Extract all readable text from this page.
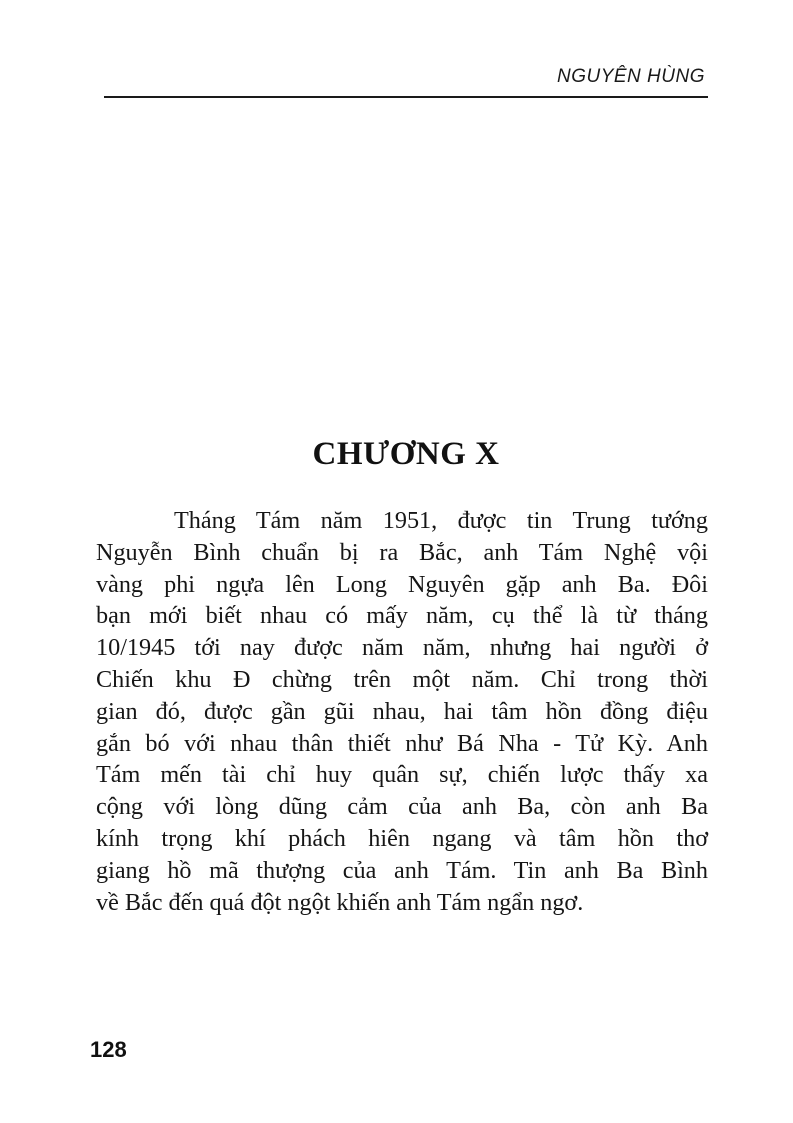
NGUYÊN HÙNG
CHƯƠNG X
Tháng Tám năm 1951, được tin Trung tướng
Nguyễn Bình chuẩn bị ra Bắc, anh Tám Nghệ vội
vàng phi ngựa lên Long Nguyên gặp anh Ba. Đôi
bạn mới biết nhau có mấy năm, cụ thể là từ tháng
10/1945 tới nay được năm năm, nhưng hai người ở
Chiến khu Đ chừng trên một năm. Chỉ trong thời
gian đó, được gần gũi nhau, hai tâm hồn đồng điệu
gắn bó với nhau thân thiết như Bá Nha - Tử Kỳ. Anh
Tám mến tài chỉ huy quân sự, chiến lược thấy xa
cộng với lòng dũng cảm của anh Ba, còn anh Ba
kính trọng khí phách hiên ngang và tâm hồn thơ
giang hồ mã thượng của anh Tám. Tin anh Ba Bình
về Bắc đến quá đột ngột khiến anh Tám ngẩn ngơ.
128
